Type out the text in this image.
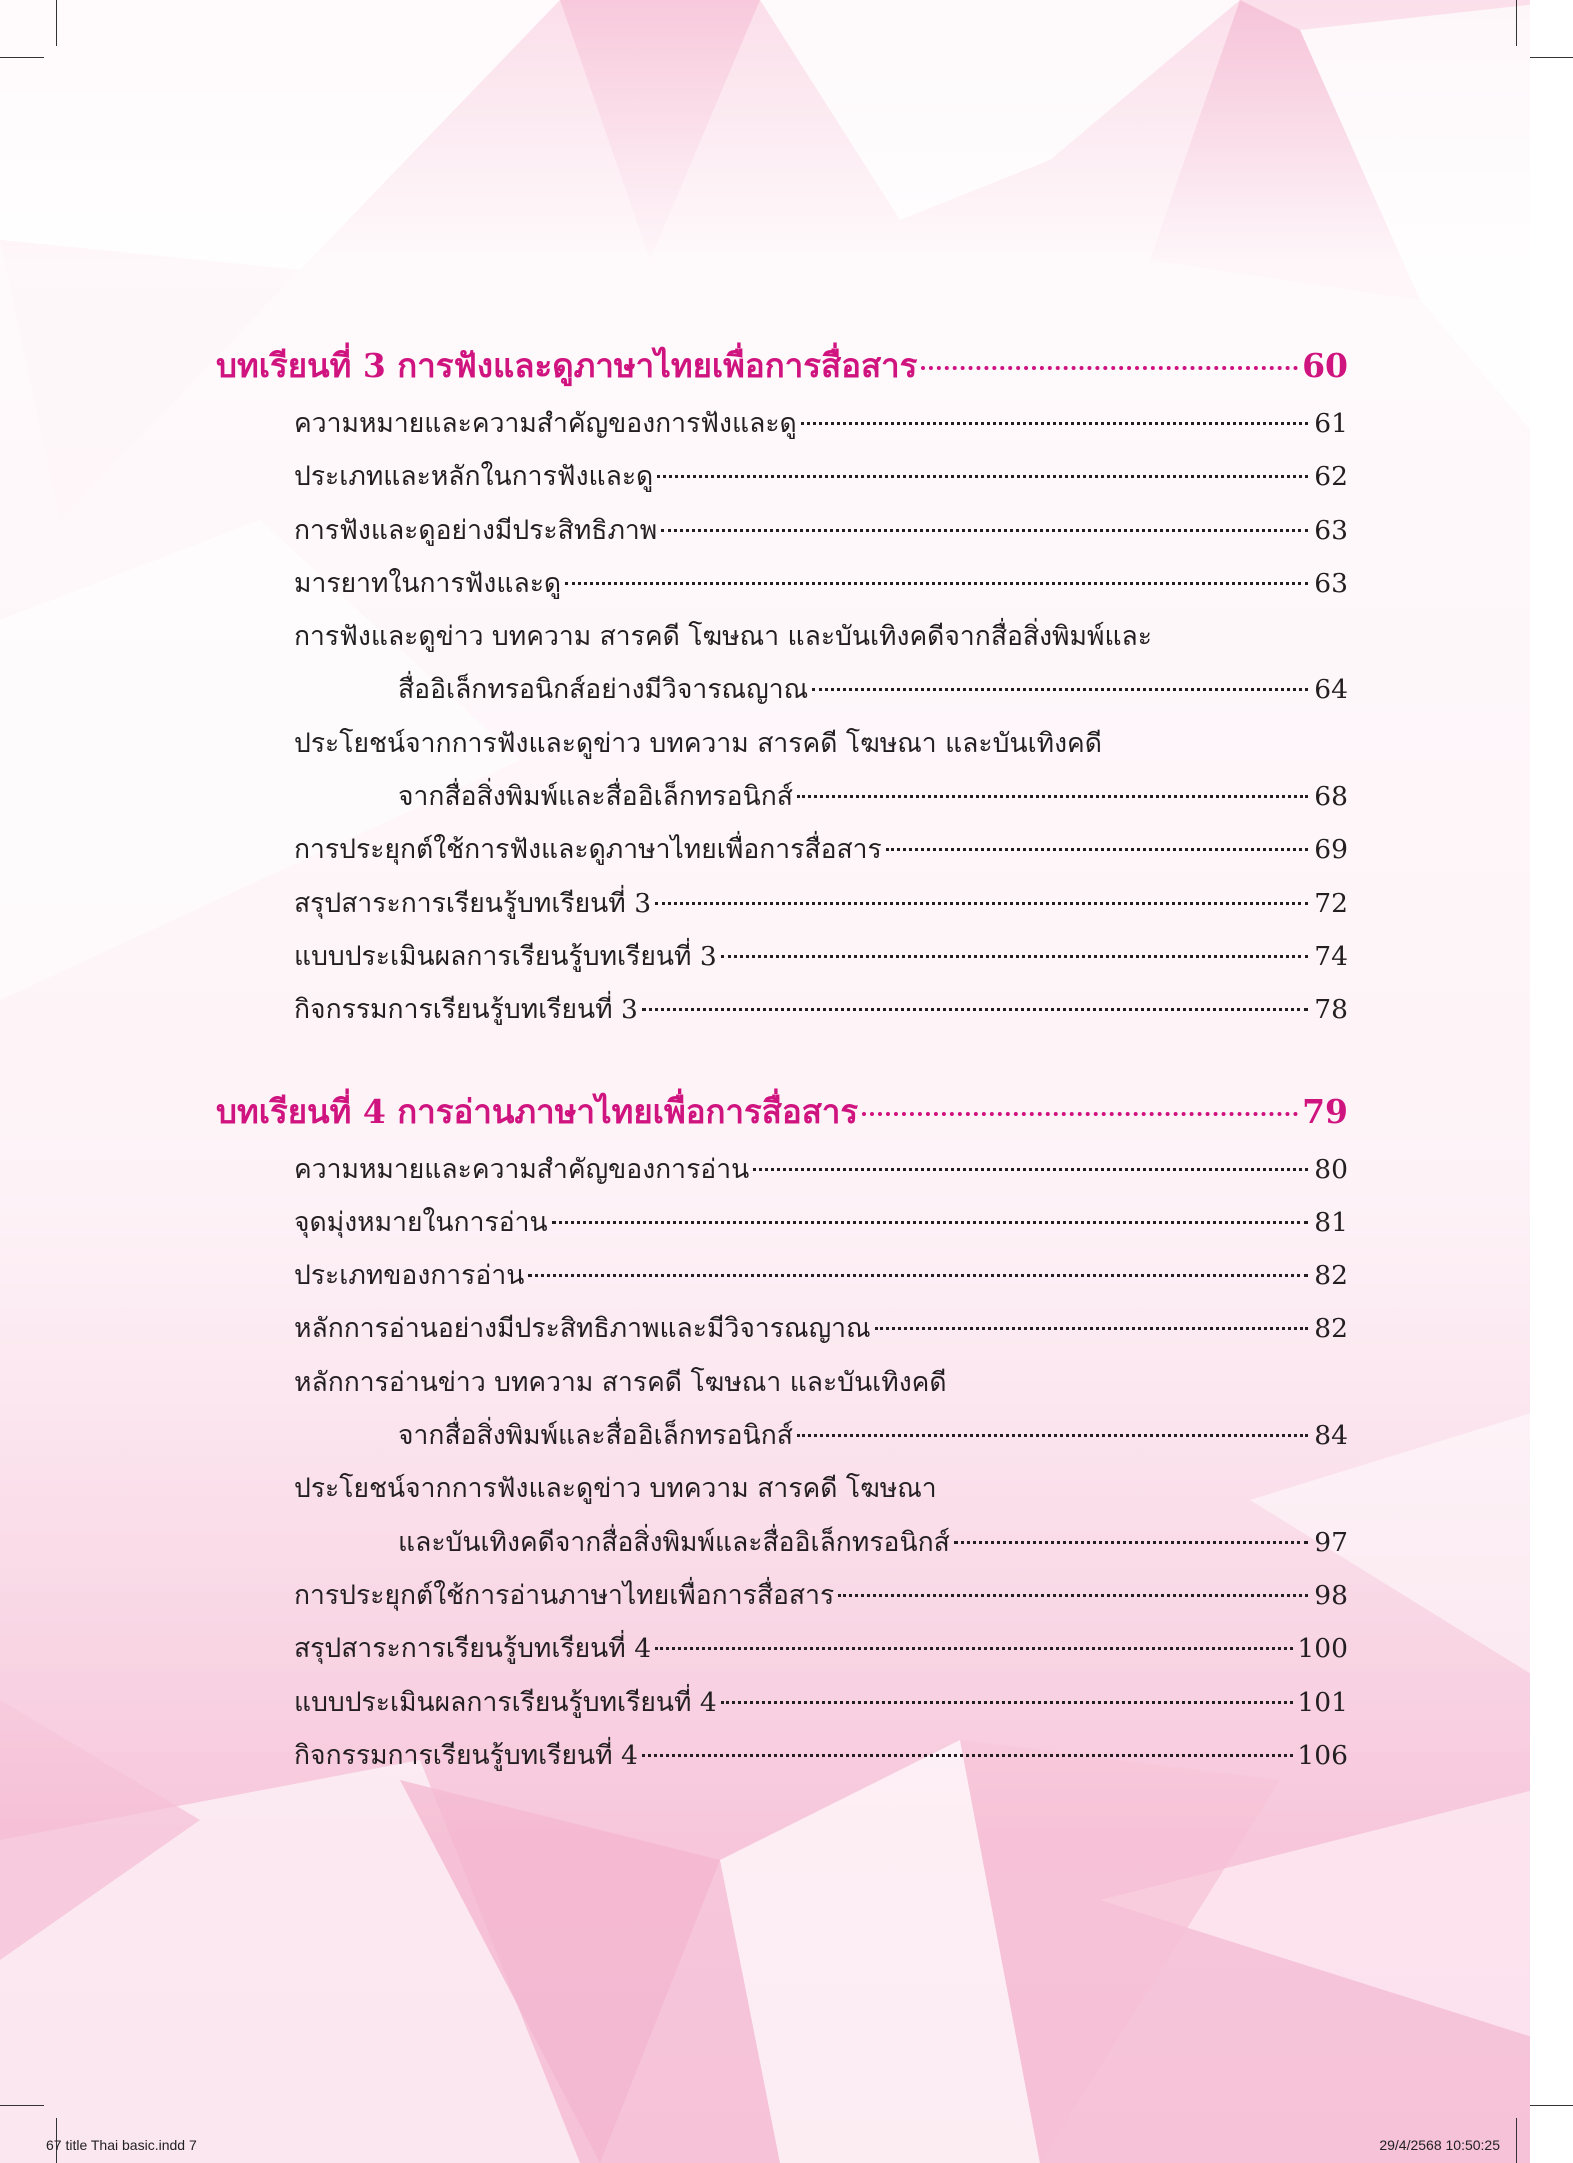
บทเรียนที่ 3 การฟังและดูภาษาไทยเพื่อการสื่อสาร	60
ความหมายและความสำคัญของการฟังและดู	61
ประเภทและหลักในการฟังและดู	62
การฟังและดูอย่างมีประสิทธิภาพ	63
มารยาทในการฟังและดู	63
การฟังและดูข่าว บทความ สารคดี โฆษณา และบันเทิงคดีจากสื่อสิ่งพิมพ์และ
สื่ออิเล็กทรอนิกส์อย่างมีวิจารณญาณ	64
ประโยชน์จากการฟังและดูข่าว บทความ สารคดี โฆษณา และบันเทิงคดี
จากสื่อสิ่งพิมพ์และสื่ออิเล็กทรอนิกส์	68
การประยุกต์ใช้การฟังและดูภาษาไทยเพื่อการสื่อสาร	69
สรุปสาระการเรียนรู้บทเรียนที่ 3	72
แบบประเมินผลการเรียนรู้บทเรียนที่ 3	74
กิจกรรมการเรียนรู้บทเรียนที่ 3	78
บทเรียนที่ 4 การอ่านภาษาไทยเพื่อการสื่อสาร	79
ความหมายและความสำคัญของการอ่าน	80
จุดมุ่งหมายในการอ่าน	81
ประเภทของการอ่าน	82
หลักการอ่านอย่างมีประสิทธิภาพและมีวิจารณญาณ	82
หลักการอ่านข่าว บทความ สารคดี โฆษณา และบันเทิงคดี
จากสื่อสิ่งพิมพ์และสื่ออิเล็กทรอนิกส์	84
ประโยชน์จากการฟังและดูข่าว บทความ สารคดี โฆษณา
และบันเทิงคดีจากสื่อสิ่งพิมพ์และสื่ออิเล็กทรอนิกส์	97
การประยุกต์ใช้การอ่านภาษาไทยเพื่อการสื่อสาร	98
สรุปสาระการเรียนรู้บทเรียนที่ 4	100
แบบประเมินผลการเรียนรู้บทเรียนที่ 4	101
กิจกรรมการเรียนรู้บทเรียนที่ 4	106
67 title Thai basic.indd 7	29/4/2568 10:50:25
